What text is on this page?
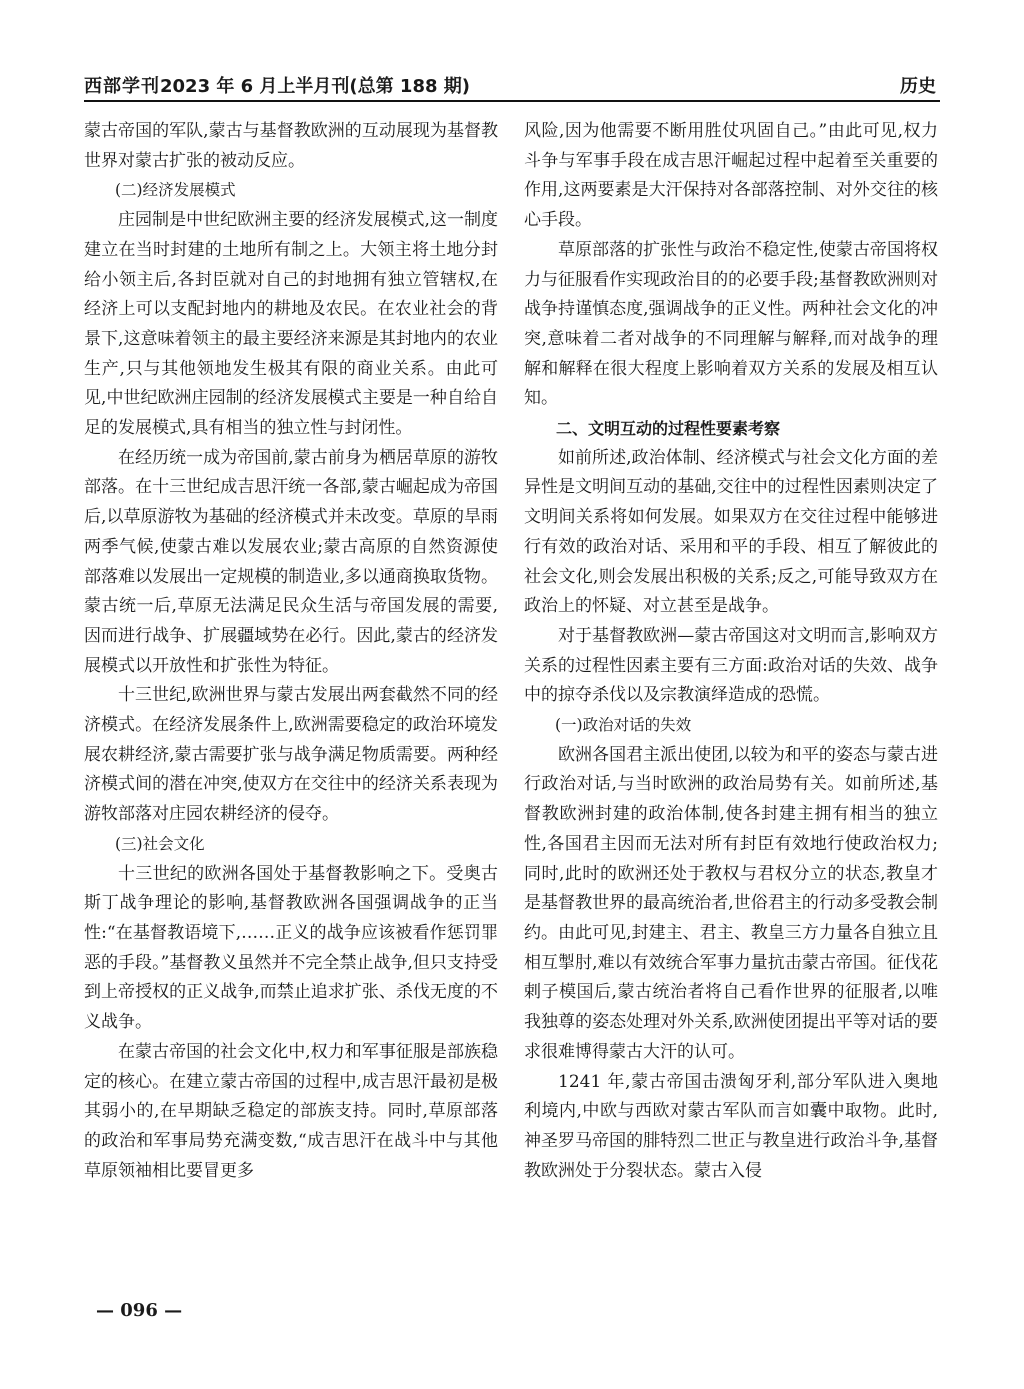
西部学刊 2023 年 6 月上半月刊(总第 188 期)	历史

蒙古帝国的军队,蒙古与基督教欧洲的互动展现为基督教世界对蒙古扩张的被动反应。

(二)经济发展模式

庄园制是中世纪欧洲主要的经济发展模式,这一制度建立在当时封建的土地所有制之上。大领主将土地分封给小领主后,各封臣就对自己的封地拥有独立管辖权,在经济上可以支配封地内的耕地及农民。在农业社会的背景下,这意味着领主的最主要经济来源是其封地内的农业生产,只与其他领地发生极其有限的商业关系。由此可见,中世纪欧洲庄园制的经济发展模式主要是一种自给自足的发展模式,具有相当的独立性与封闭性。

在经历统一成为帝国前,蒙古前身为栖居草原的游牧部落。在十三世纪成吉思汗统一各部,蒙古崛起成为帝国后,以草原游牧为基础的经济模式并未改变。草原的旱雨两季气候,使蒙古难以发展农业;蒙古高原的自然资源使部落难以发展出一定规模的制造业,多以通商换取货物。蒙古统一后,草原无法满足民众生活与帝国发展的需要,因而进行战争、扩展疆域势在必行。因此,蒙古的经济发展模式以开放性和扩张性为特征。

十三世纪,欧洲世界与蒙古发展出两套截然不同的经济模式。在经济发展条件上,欧洲需要稳定的政治环境发展农耕经济,蒙古需要扩张与战争满足物质需要。两种经济模式间的潜在冲突,使双方在交往中的经济关系表现为游牧部落对庄园农耕经济的侵夺。

(三)社会文化

十三世纪的欧洲各国处于基督教影响之下。受奥古斯丁战争理论的影响,基督教欧洲各国强调战争的正当性:“在基督教语境下,……正义的战争应该被看作惩罚罪恶的手段。”基督教义虽然并不完全禁止战争,但只支持受到上帝授权的正义战争,而禁止追求扩张、杀伐无度的不义战争。

在蒙古帝国的社会文化中,权力和军事征服是部族稳定的核心。在建立蒙古帝国的过程中,成吉思汗最初是极其弱小的,在早期缺乏稳定的部族支持。同时,草原部落的政治和军事局势充满变数,“成吉思汗在战斗中与其他草原领袖相比要冒更多

风险,因为他需要不断用胜仗巩固自己。”由此可见,权力斗争与军事手段在成吉思汗崛起过程中起着至关重要的作用,这两要素是大汗保持对各部落控制、对外交往的核心手段。

草原部落的扩张性与政治不稳定性,使蒙古帝国将权力与征服看作实现政治目的的必要手段;基督教欧洲则对战争持谨慎态度,强调战争的正义性。两种社会文化的冲突,意味着二者对战争的不同理解与解释,而对战争的理解和解释在很大程度上影响着双方关系的发展及相互认知。

二、文明互动的过程性要素考察

如前所述,政治体制、经济模式与社会文化方面的差异性是文明间互动的基础,交往中的过程性因素则决定了文明间关系将如何发展。如果双方在交往过程中能够进行有效的政治对话、采用和平的手段、相互了解彼此的社会文化,则会发展出积极的关系;反之,可能导致双方在政治上的怀疑、对立甚至是战争。

对于基督教欧洲—蒙古帝国这对文明而言,影响双方关系的过程性因素主要有三方面:政治对话的失效、战争中的掠夺杀伐以及宗教演绎造成的恐慌。

(一)政治对话的失效

欧洲各国君主派出使团,以较为和平的姿态与蒙古进行政治对话,与当时欧洲的政治局势有关。如前所述,基督教欧洲封建的政治体制,使各封建主拥有相当的独立性,各国君主因而无法对所有封臣有效地行使政治权力;同时,此时的欧洲还处于教权与君权分立的状态,教皇才是基督教世界的最高统治者,世俗君主的行动多受教会制约。由此可见,封建主、君主、教皇三方力量各自独立且相互掣肘,难以有效统合军事力量抗击蒙古帝国。征伐花剌子模国后,蒙古统治者将自己看作世界的征服者,以唯我独尊的姿态处理对外关系,欧洲使团提出平等对话的要求很难博得蒙古大汗的认可。

1241 年,蒙古帝国击溃匈牙利,部分军队进入奥地利境内,中欧与西欧对蒙古军队而言如囊中取物。此时,神圣罗马帝国的腓特烈二世正与教皇进行政治斗争,基督教欧洲处于分裂状态。蒙古入侵

— 096 —
